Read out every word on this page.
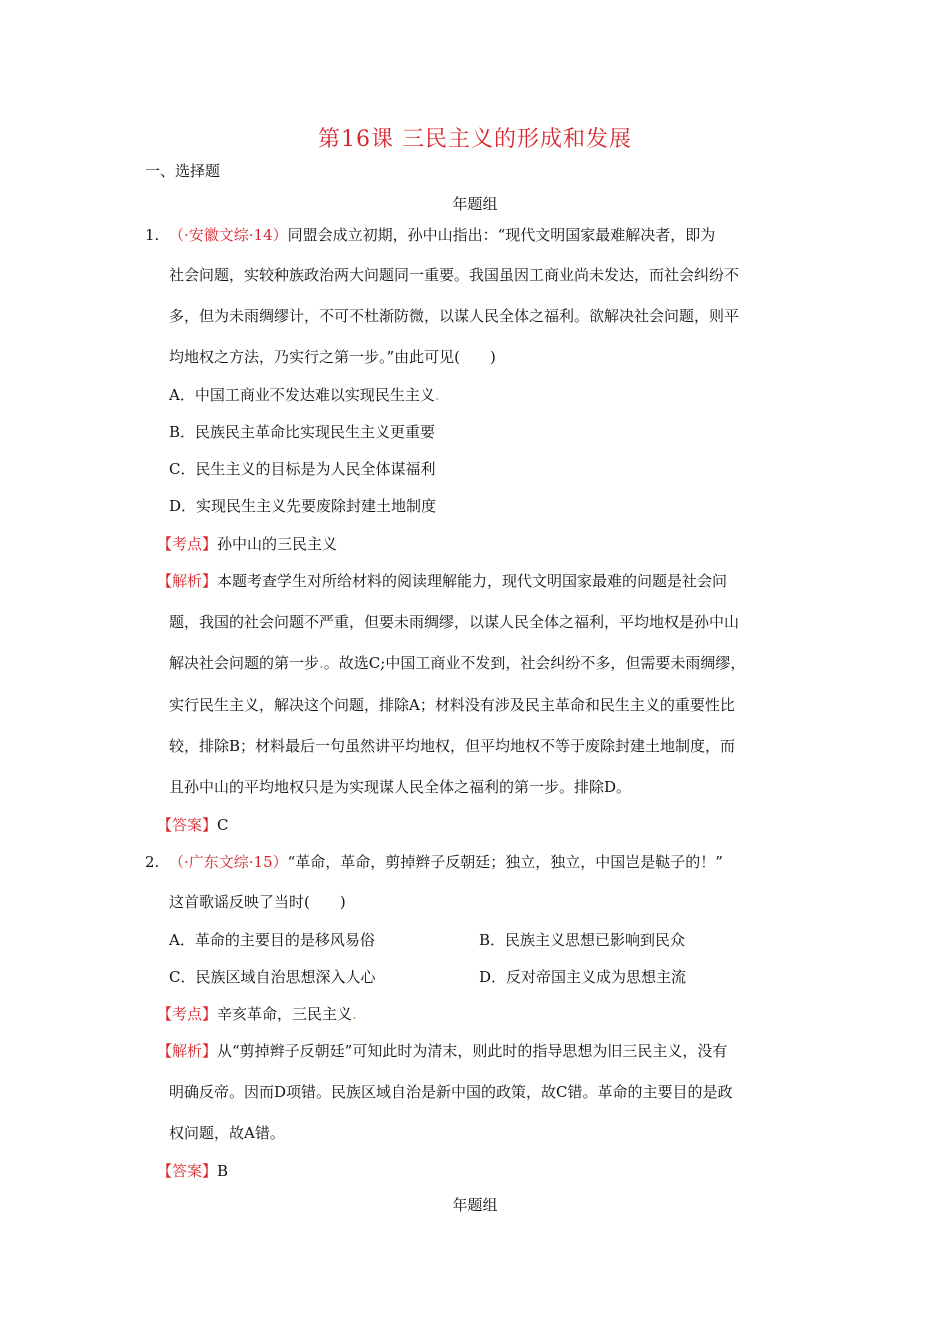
第16课 三民主义的形成和发展
一、选择题
年题组
1. （·安徽文综·14）同盟会成立初期，孙中山指出：“现代文明国家最难解决者，即为
社会问题，实较种族政治两大问题同一重要。我国虽因工商业尚未发达，而社会纠纷不
多，但为未雨绸缪计，不可不杜渐防微，以谋人民全体之福利。欲解决社会问题，则平
均地权之方法，乃实行之第一步。”由此可见(　　)
A．中国工商业不发达难以实现民生主义.
B．民族民主革命比实现民生主义更重要
C．民生主义的目标是为人民全体谋福利
D．实现民生主义先要废除封建土地制度
【考点】孙中山的三民主义
【解析】本题考查学生对所给材料的阅读理解能力，现代文明国家最难的问题是社会问
题，我国的社会问题不严重，但要未雨绸缪，以谋人民全体之福利，平均地权是孙中山
解决社会问题的第一步.。故选C;中国工商业不发到，社会纠纷不多，但需要未雨绸缪，
实行民生主义，解决这个问题，排除A；材料没有涉及民主革命和民生主义的重要性比
较，排除B；材料最后一句虽然讲平均地权，但平均地权不等于废除封建土地制度，而
且孙中山的平均地权只是为实现谋人民全体之福利的第一步。排除D。
【答案】C
2. （·广东文综·15）“革命，革命，剪掉辫子反朝廷；独立，独立，中国岂是鞑子的！”
这首歌谣反映了当时(　　)
A．革命的主要目的是移风易俗	B．民族主义思想已影响到民众
C．民族区域自治思想深入人心	D．反对帝国主义成为思想主流
【考点】辛亥革命，三民主义.
【解析】从“剪掉辫子反朝廷”可知此时为清末，则此时的指导思想为旧三民主义，没有
明确反帝。因而D项错。民族区域自治是新中国的政策，故C错。革命的主要目的是政
权问题，故A错。
【答案】B
年题组
